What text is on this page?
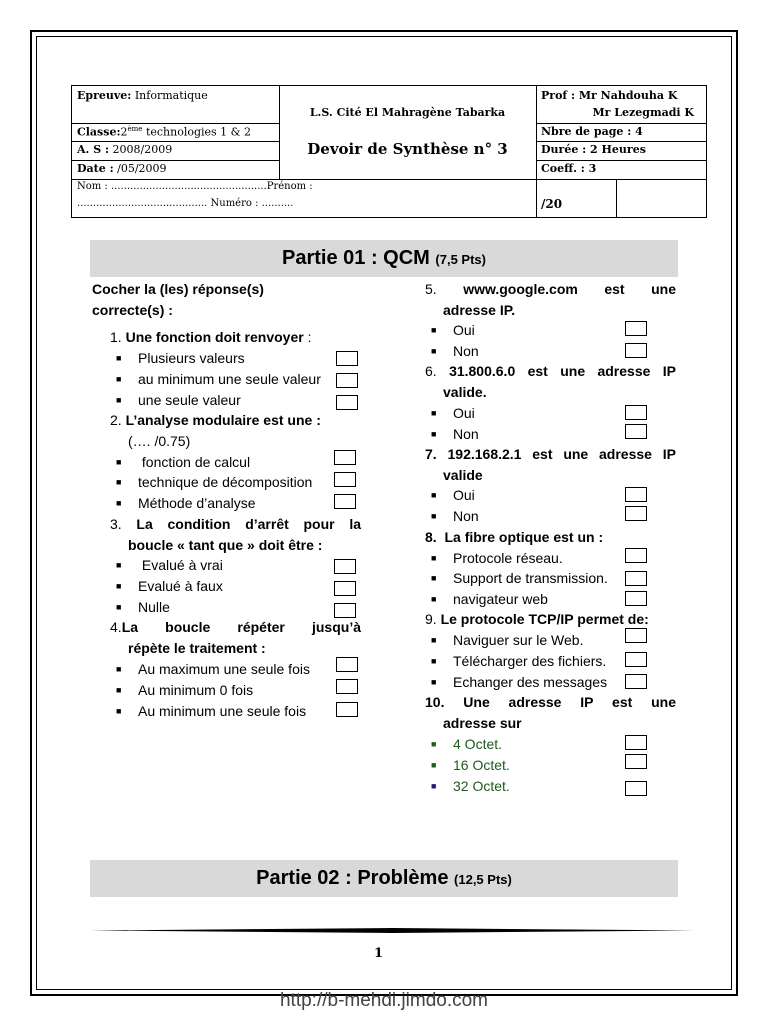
Epreuve: Informatique
Classe:2ème technologies 1 & 2
A. S : 2008/2009
Date : /05/2009
L.S. Cité El Mahragène Tabarka
Devoir de Synthèse n° 3
Prof : Mr Nahdouha K
Mr Lezegmadi K
Nbre de page : 4
Durée : 2 Heures
Coeff. : 3
Nom : .................................................Prénom :
......................................... Numéro : ..........	/20
Partie 01 : QCM (7,5 Pts)
Cocher la (les) réponse(s) correcte(s) :
1. Une fonction doit renvoyer :
■ Plusieurs valeurs
■ au minimum une seule valeur
■ une seule valeur
2. L’analyse modulaire est une :
(…. /0.75)
■ fonction de calcul
■ technique de décomposition
■ Méthode d’analyse
3. La condition d’arrêt pour la
boucle « tant que » doit être :
■ Evalué à vrai
■ Evalué à faux
■ Nulle
4.La boucle répéter jusqu’à
répète le traitement :
■ Au maximum une seule fois
■ Au minimum 0 fois
■ Au minimum une seule fois
5. www.google.com est une
adresse IP.
■ Oui
■ Non
6. 31.800.6.0 est une adresse IP
valide.
■ Oui
■ Non
7. 192.168.2.1 est une adresse IP
valide
■ Oui
■ Non
8. La fibre optique est un :
■ Protocole réseau.
■ Support de transmission.
■ navigateur web
9. Le protocole TCP/IP permet de:
■ Naviguer sur le Web.
■ Télécharger des fichiers.
■ Echanger des messages
10. Une adresse IP est une
adresse sur
■ 4 Octet.
■ 16 Octet.
■ 32 Octet.
Partie 02 : Problème (12,5 Pts)
1
http://b-mehdi.jimdo.com
